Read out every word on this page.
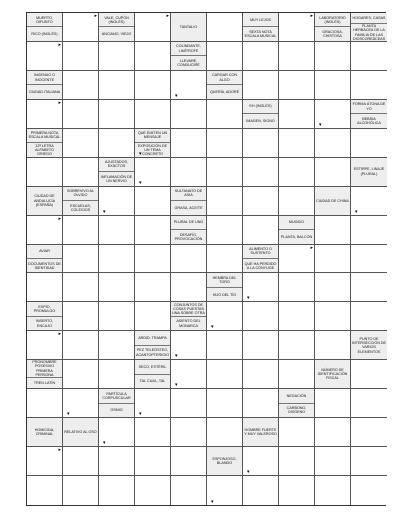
MUERTO, DIFUNTO
RICO (INGLÉS)
▸	VALE, CUPÓN (INGLÉS)
ANCIANO, VIEJO
▸
TANTALIO
MUY LEJOS
SEXTA NOTA ESCALA MUSICAL
▸	LABORATORIO (INGLÉS)
GRACIOSA, CHISTOSA
HOGARES, CASAS
PLANTA HERBÁCEA DE LA FAMILIA DE LAS DIOSCOREÁCEAS
▸	COLINDANTE, LIMÍTROFE
LLEVARÉ, CONDUCIRÉ
INGENUO O INOCENTE
CIUDAD ITALIANA
▾
CARGAR CON ALGO
QUERÍA, ADORÉ
▸
EH (INGLÉS)
IMAGEN, SIGNO
▾
FORMA ÁTONA DE YO
BEBIDA ALCOHÓLICA
PRIMERA NOTA ESCALA MUSICAL
12ª LETRA ALFABETO GRIEGO
QUE EMITEN UN MENSAJE
EXPOSICIÓN DE UN TEMA CONCRETO
▾
AJUSTADOS, EXACTOS
INFLAMACIÓN DE UN NERVIO	▾
ESTIRPE, LINAJE (PLURAL)
CIUDAD DE ANDALUCÍA (ESPAÑA)
SOBREVIVO AL OLVIDO
ESCUELAS, COLEGIOS	▾
SULTANATO DE ASIA
GRASA, ACEITE
CIUDAD DE CHINA
▾
▸
PLURAL DE UNO
DESAFÍO, PROVOCACIÓN
MUGIDO
PLANTA, BALCÓN
AVIAR
DOCUMENTOS DE IDENTIDAD
ALIMENTO O SUSTENTO
QUE HA PERDIDO A LA CÓNYUGE
▸
HEMBRA DEL TORO
HIJO DEL TÍO
▾
EXPÍO, PROMULGO
INSERTO, ENCAJO
CONJUNTOS DE COSAS PUESTAS UNA SOBRE OTRA
ASIENTO DEL MONARCA	▾
▸
ARDID, TRAMPA
PEZ TELEÓSTEO, ACANTOPTERIGIO ▾
PUNTO DE INTERSECCIÓN DE VARIOS ELEMENTOS
PRONOMBRE POSESIVO PRIMERA PERSONA
TREN LATÍN
SECO, ESTÉRIL
TAL CUAL, TAL
▾
NÚMERO DE IDENTIFICACIÓN FISCAL
▾
PARTÍCULA CORPUSCULAR
OSMIO
▾
NEGACIÓN
CARBONO, OXÍGENO
HOMICIDA, CRIMINAL
RELATIVO AL OSO
▾
HOMBRE FUERTE Y MUY VALEROSO
▸
ESPONJOSO, BLANDO
▾
▾
